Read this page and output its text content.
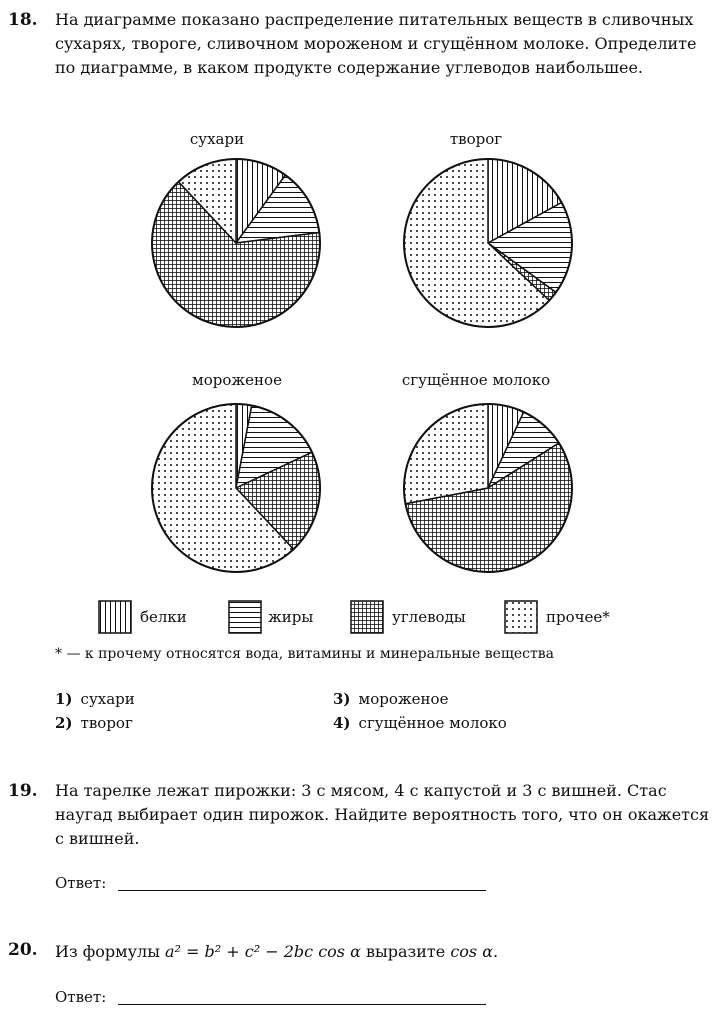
18. На диаграмме показано распределение питательных веществ в сливочных сухарях, твороге, сливочном мороженом и сгущённом молоке. Определите по диаграмме, в каком продукте содержание углеводов наибольшее.
сухари	творог
мороженое	сгущённое молоко
белки	жиры	углеводы	прочее*
* — к прочему относятся вода, витамины и минеральные вещества
1) сухари
2) творог
3) мороженое
4) сгущённое молоко
19. На тарелке лежат пирожки: 3 с мясом, 4 с капустой и 3 с вишней. Стас наугад выбирает один пирожок. Найдите вероятность того, что он окажется с вишней.
Ответ:
20. Из формулы a² = b² + c² − 2bc cos α выразите cos α.
Ответ:
